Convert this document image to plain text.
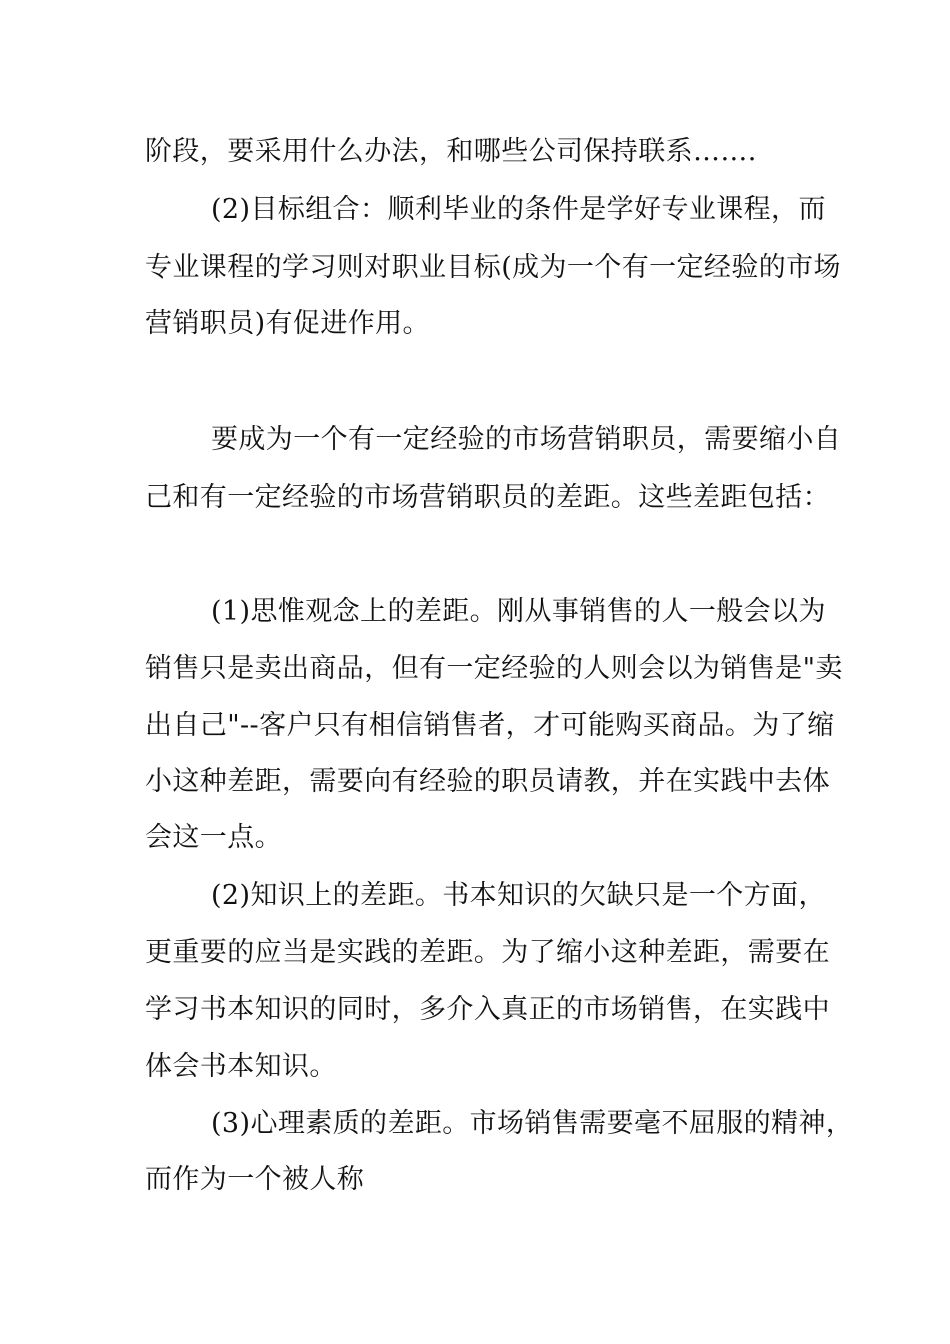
阶段，要采用什么办法，和哪些公司保持联系…….

(2)目标组合：顺利毕业的条件是学好专业课程，而

专业课程的学习则对职业目标(成为一个有一定经验的市场

营销职员)有促进作用。

要成为一个有一定经验的市场营销职员，需要缩小自

己和有一定经验的市场营销职员的差距。这些差距包括：

(1)思惟观念上的差距。刚从事销售的人一般会以为

销售只是卖出商品，但有一定经验的人则会以为销售是"卖

出自己"--客户只有相信销售者，才可能购买商品。为了缩

小这种差距，需要向有经验的职员请教，并在实践中去体

会这一点。

(2)知识上的差距。书本知识的欠缺只是一个方面，

更重要的应当是实践的差距。为了缩小这种差距，需要在

学习书本知识的同时，多介入真正的市场销售，在实践中

体会书本知识。

(3)心理素质的差距。市场销售需要毫不屈服的精神，

而作为一个被人称
